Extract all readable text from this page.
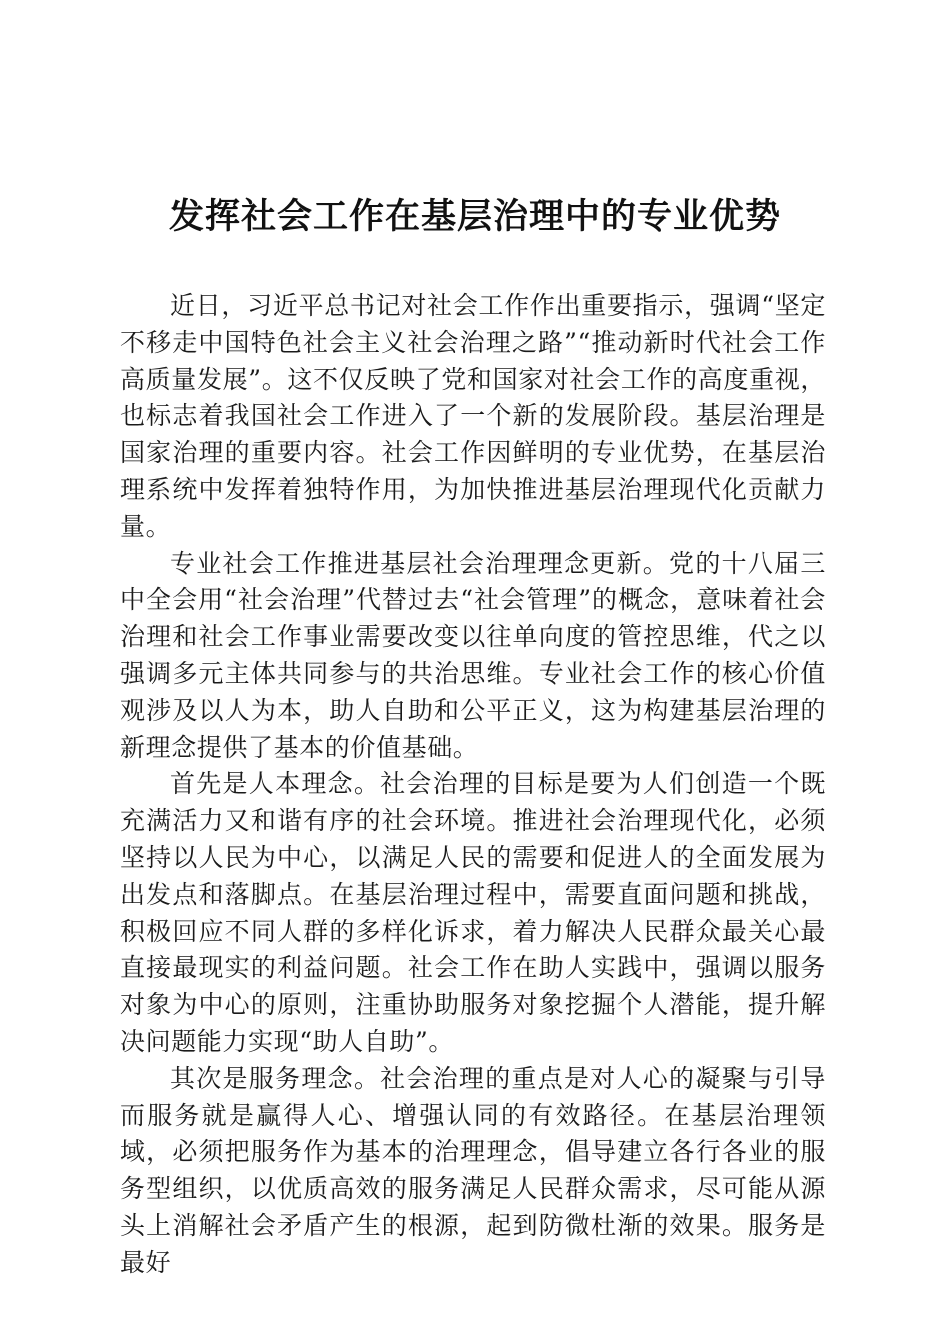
发挥社会工作在基层治理中的专业优势

近日，习近平总书记对社会工作作出重要指示，强调“坚定不移走中国特色社会主义社会治理之路”“推动新时代社会工作高质量发展”。这不仅反映了党和国家对社会工作的高度重视，也标志着我国社会工作进入了一个新的发展阶段。基层治理是国家治理的重要内容。社会工作因鲜明的专业优势，在基层治理系统中发挥着独特作用，为加快推进基层治理现代化贡献力量。

专业社会工作推进基层社会治理理念更新。党的十八届三中全会用“社会治理”代替过去“社会管理”的概念，意味着社会治理和社会工作事业需要改变以往单向度的管控思维，代之以强调多元主体共同参与的共治思维。专业社会工作的核心价值观涉及以人为本，助人自助和公平正义，这为构建基层治理的新理念提供了基本的价值基础。

首先是人本理念。社会治理的目标是要为人们创造一个既充满活力又和谐有序的社会环境。推进社会治理现代化，必须坚持以人民为中心，以满足人民的需要和促进人的全面发展为出发点和落脚点。在基层治理过程中，需要直面问题和挑战，积极回应不同人群的多样化诉求，着力解决人民群众最关心最直接最现实的利益问题。社会工作在助人实践中，强调以服务对象为中心的原则，注重协助服务对象挖掘个人潜能，提升解决问题能力实现“助人自助”。

其次是服务理念。社会治理的重点是对人心的凝聚与引导而服务就是赢得人心、增强认同的有效路径。在基层治理领域，必须把服务作为基本的治理理念，倡导建立各行各业的服务型组织，以优质高效的服务满足人民群众需求，尽可能从源头上消解社会矛盾产生的根源，起到防微杜渐的效果。服务是最好
